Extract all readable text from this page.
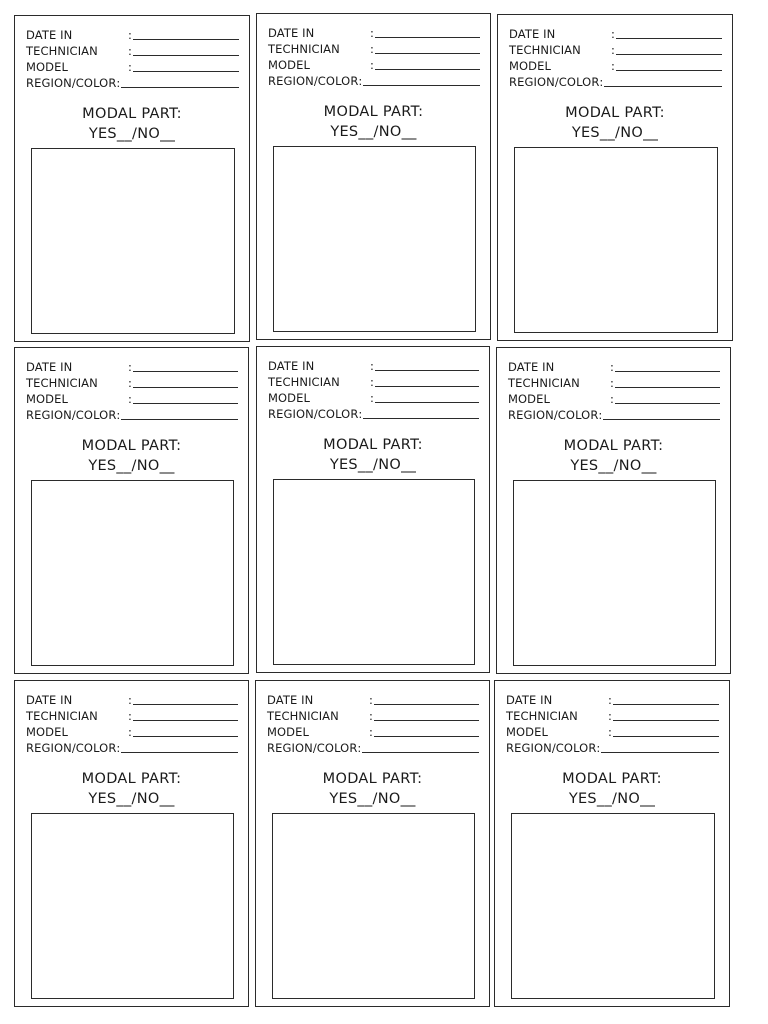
DATE IN	:
TECHNICIAN	:
MODEL	:
REGION/COLOR :
MODAL PART:
YES__/NO__
DATE IN	:
TECHNICIAN	:
MODEL	:
REGION/COLOR :
MODAL PART:
YES__/NO__
DATE IN	:
TECHNICIAN	:
MODEL	:
REGION/COLOR :
MODAL PART:
YES__/NO__
DATE IN	:
TECHNICIAN	:
MODEL	:
REGION/COLOR :
MODAL PART:
YES__/NO__
DATE IN	:
TECHNICIAN	:
MODEL	:
REGION/COLOR :
MODAL PART:
YES__/NO__
DATE IN	:
TECHNICIAN	:
MODEL	:
REGION/COLOR :
MODAL PART:
YES__/NO__
DATE IN	:
TECHNICIAN	:
MODEL	:
REGION/COLOR :
MODAL PART:
YES__/NO__
DATE IN	:
TECHNICIAN	:
MODEL	:
REGION/COLOR :
MODAL PART:
YES__/NO__
DATE IN	:
TECHNICIAN	:
MODEL	:
REGION/COLOR :
MODAL PART:
YES__/NO__
